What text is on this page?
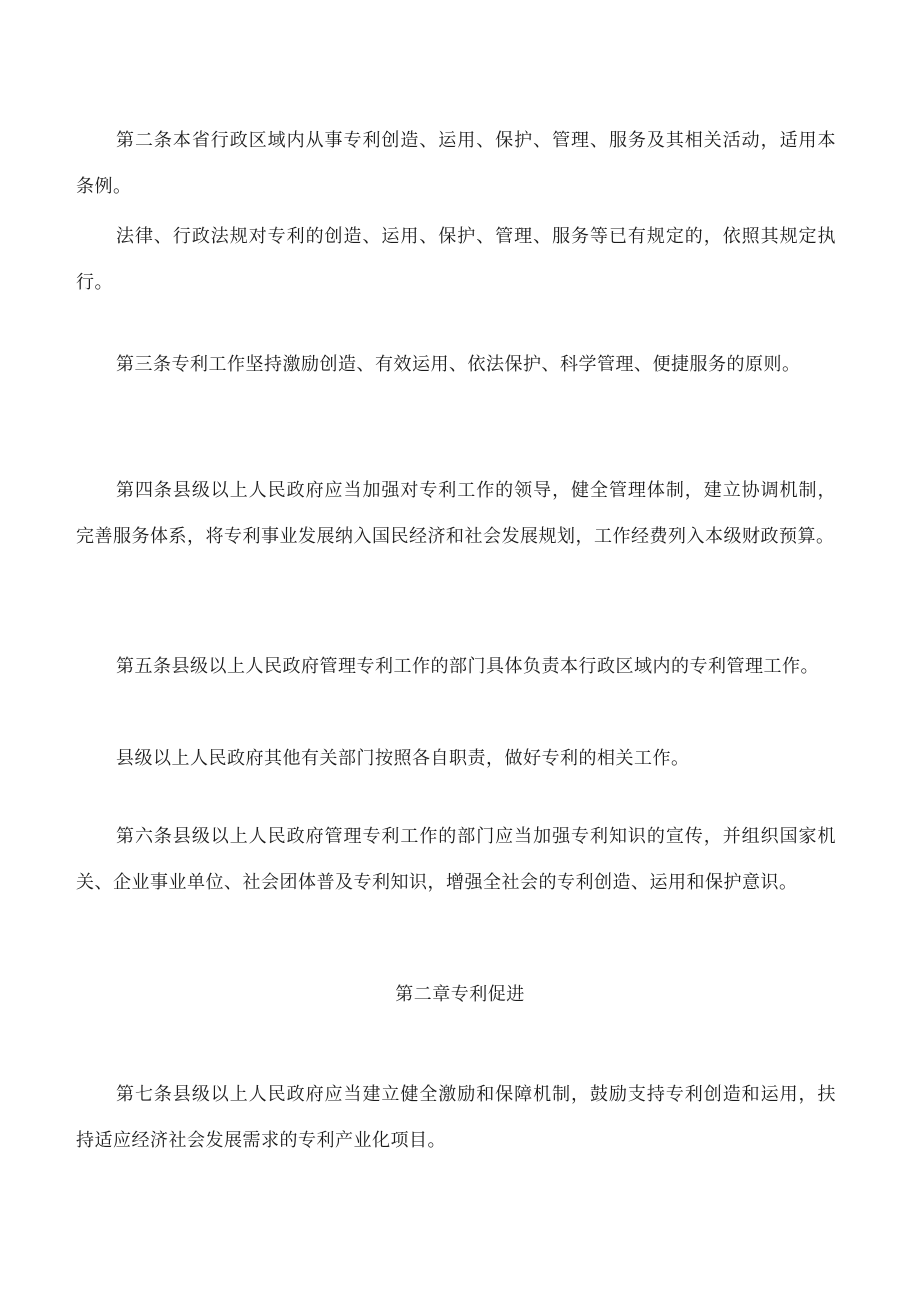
第二条本省行政区域内从事专利创造、运用、保护、管理、服务及其相关活动，适用本条例。

法律、行政法规对专利的创造、运用、保护、管理、服务等已有规定的，依照其规定执行。

第三条专利工作坚持激励创造、有效运用、依法保护、科学管理、便捷服务的原则。

第四条县级以上人民政府应当加强对专利工作的领导，健全管理体制，建立协调机制，完善服务体系，将专利事业发展纳入国民经济和社会发展规划，工作经费列入本级财政预算。

第五条县级以上人民政府管理专利工作的部门具体负责本行政区域内的专利管理工作。

县级以上人民政府其他有关部门按照各自职责，做好专利的相关工作。

第六条县级以上人民政府管理专利工作的部门应当加强专利知识的宣传，并组织国家机关、企业事业单位、社会团体普及专利知识，增强全社会的专利创造、运用和保护意识。

第二章专利促进

第七条县级以上人民政府应当建立健全激励和保障机制，鼓励支持专利创造和运用，扶持适应经济社会发展需求的专利产业化项目。
